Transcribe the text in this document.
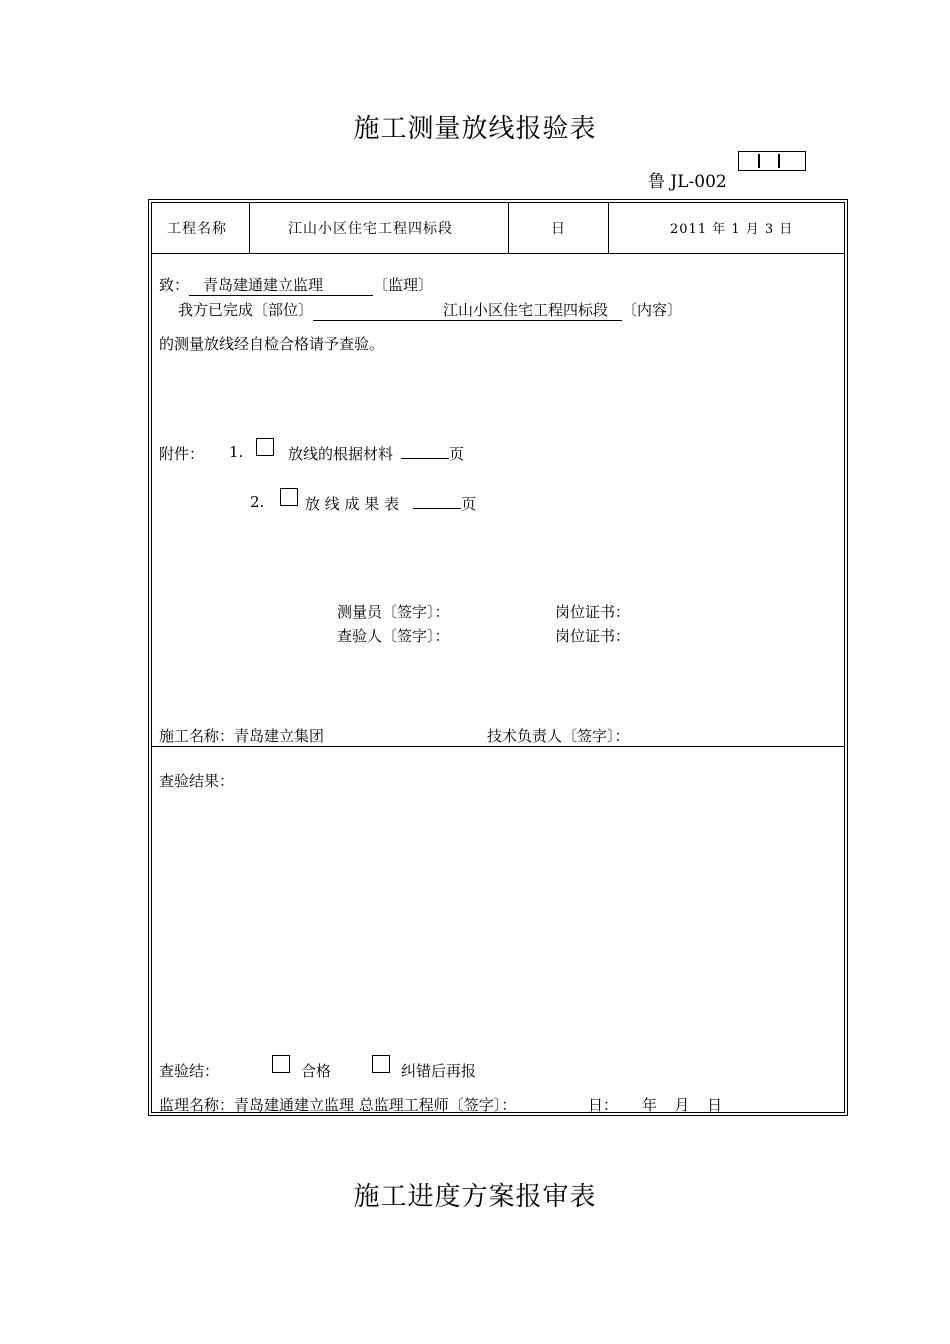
施工测量放线报验表
鲁 JL-002
工程名称	江山小区住宅工程四标段	日	2011 年 1 月 3 日
致： 青岛建通建立监理	〔监理〕
我方已完成〔部位〕	江山小区住宅工程四标段 〔内容〕
的测量放线经自检合格请予查验。
附件： 1.	放线的根据材料	页
2.	放 线 成 果 表	页
测量员〔签字〕：	岗位证书：
查验人〔签字〕：	岗位证书：
施工名称：青岛建立集团	技术负责人〔签字〕：
查验结果：
查验结：	合格	纠错后再报
监理名称：青岛建通建立监理 总监理工程师〔签字〕：	日： 年  月  日
施工进度方案报审表
